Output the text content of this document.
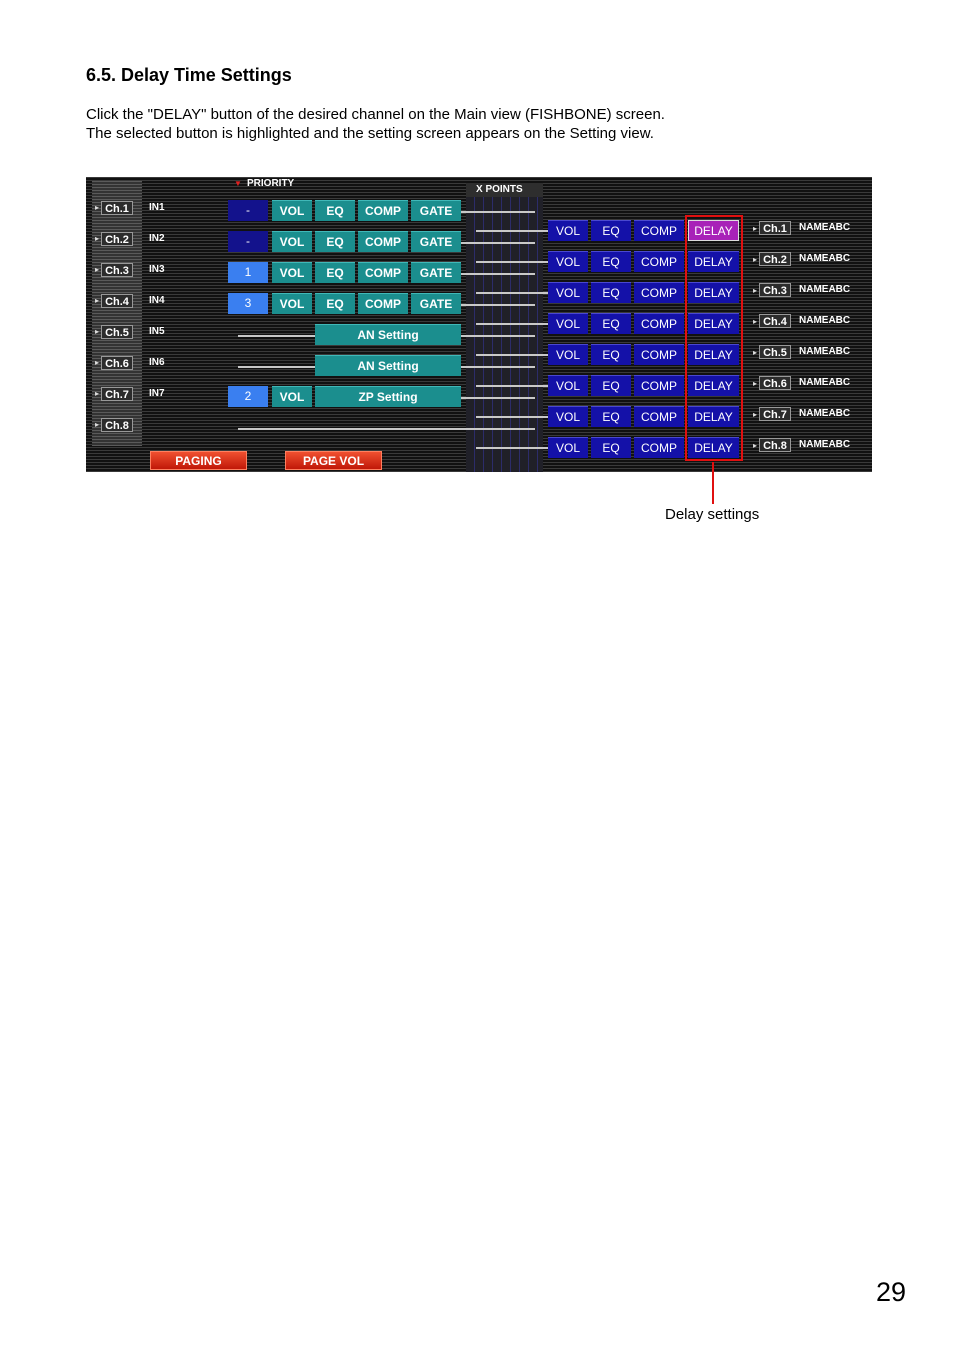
6.5. Delay Time Settings
Click the "DELAY" button of the desired channel on the Main view (FISHBONE) screen.
The selected button is highlighted and the setting screen appears on the Setting view.
X POINTS
▼ PRIORITY
▸ Ch.1	IN1
▸ Ch.2	IN2
▸ Ch.3	IN3
▸ Ch.4	IN4
▸ Ch.5	IN5
▸ Ch.6	IN6
▸ Ch.7	IN7
▸ Ch.8
-	VOL	EQ	COMP	GATE
-	VOL	EQ	COMP	GATE
1	VOL	EQ	COMP	GATE
3	VOL	EQ	COMP	GATE
AN Setting
AN Setting
2	VOL	ZP Setting
VOL	EQ	COMP	DELAY	▸ Ch.1	NAMEABC
VOL	EQ	COMP	DELAY	▸ Ch.2	NAMEABC
VOL	EQ	COMP	DELAY	▸ Ch.3	NAMEABC
VOL	EQ	COMP	DELAY	▸ Ch.4	NAMEABC
VOL	EQ	COMP	DELAY	▸ Ch.5	NAMEABC
VOL	EQ	COMP	DELAY	▸ Ch.6	NAMEABC
VOL	EQ	COMP	DELAY	▸ Ch.7	NAMEABC
VOL	EQ	COMP	DELAY	▸ Ch.8	NAMEABC
PAGING	PAGE VOL
Delay settings
29
